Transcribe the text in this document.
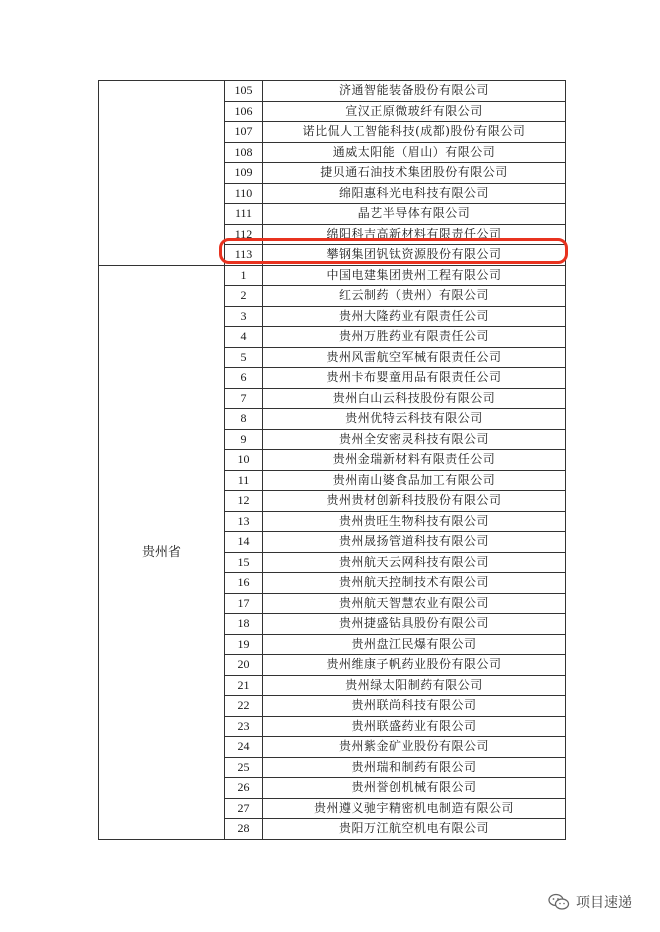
	105	济通智能装备股份有限公司
	106	宣汉正原微玻纤有限公司
	107	诺比侃人工智能科技(成都)股份有限公司
	108	通威太阳能（眉山）有限公司
	109	捷贝通石油技术集团股份有限公司
	110	绵阳惠科光电科技有限公司
	111	晶艺半导体有限公司
	112	绵阳科吉高新材料有限责任公司
	113	攀钢集团钒钛资源股份有限公司
贵州省	1	中国电建集团贵州工程有限公司
	2	红云制药（贵州）有限公司
	3	贵州大隆药业有限责任公司
	4	贵州万胜药业有限责任公司
	5	贵州风雷航空军械有限责任公司
	6	贵州卡布婴童用品有限责任公司
	7	贵州白山云科技股份有限公司
	8	贵州优特云科技有限公司
	9	贵州全安密灵科技有限公司
	10	贵州金瑞新材料有限责任公司
	11	贵州南山婆食品加工有限公司
	12	贵州贵材创新科技股份有限公司
	13	贵州贵旺生物科技有限公司
	14	贵州晟扬管道科技有限公司
	15	贵州航天云网科技有限公司
	16	贵州航天控制技术有限公司
	17	贵州航天智慧农业有限公司
	18	贵州捷盛钻具股份有限公司
	19	贵州盘江民爆有限公司
	20	贵州维康子帆药业股份有限公司
	21	贵州绿太阳制药有限公司
	22	贵州联尚科技有限公司
	23	贵州联盛药业有限公司
	24	贵州紫金矿业股份有限公司
	25	贵州瑞和制药有限公司
	26	贵州誉创机械有限公司
	27	贵州遵义驰宇精密机电制造有限公司
	28	贵阳万江航空机电有限公司
项目速递
